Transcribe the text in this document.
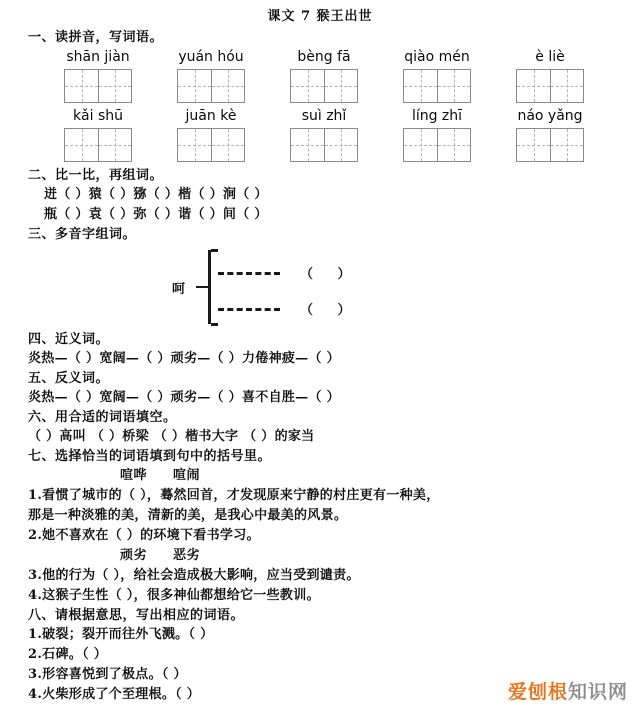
课文 7 猴王出世
一、读拼音，写词语。
shān jiàn	yuán hóu	bèng fā	qiào mén	è liè
kǎi shū	juān kè	suì zhǐ	líng zhī	náo yǎng
二、比一比，再组词。
迸（ ）猿（ ）猕（ ）楷（ ）涧（ ）
瓶（ ）袁（ ）弥（ ）谐（ ）间（ ）
三、多音字组词。
呵
（ ）
（ ）
四、近义词。
炎热—（ ）宽阔—（ ）顽劣—（ ）力倦神疲—（ ）
五、反义词。
炎热—（ ）宽阔—（ ）顽劣—（ ）喜不自胜—（ ）
六、用合适的词语填空。
（ ）高叫 （ ）桥梁 （ ）楷书大字 （ ）的家当
七、选择恰当的词语填到句中的括号里。
喧哗 喧闹
1.看惯了城市的（ ），蓦然回首，才发现原来宁静的村庄更有一种美，
那是一种淡雅的美，清新的美，是我心中最美的风景。
2.她不喜欢在（ ）的环境下看书学习。
顽劣 恶劣
3.他的行为（ ），给社会造成极大影响，应当受到谴责。
4.这猴子生性（ ），很多神仙都想给它一些教训。
八、请根据意思，写出相应的词语。
1.破裂；裂开而往外飞溅。（ ）
2.石碑。（ ）
3.形容喜悦到了极点。（ ）
4.火柴形成了个至理根。（ ）	爱刨根知识网
